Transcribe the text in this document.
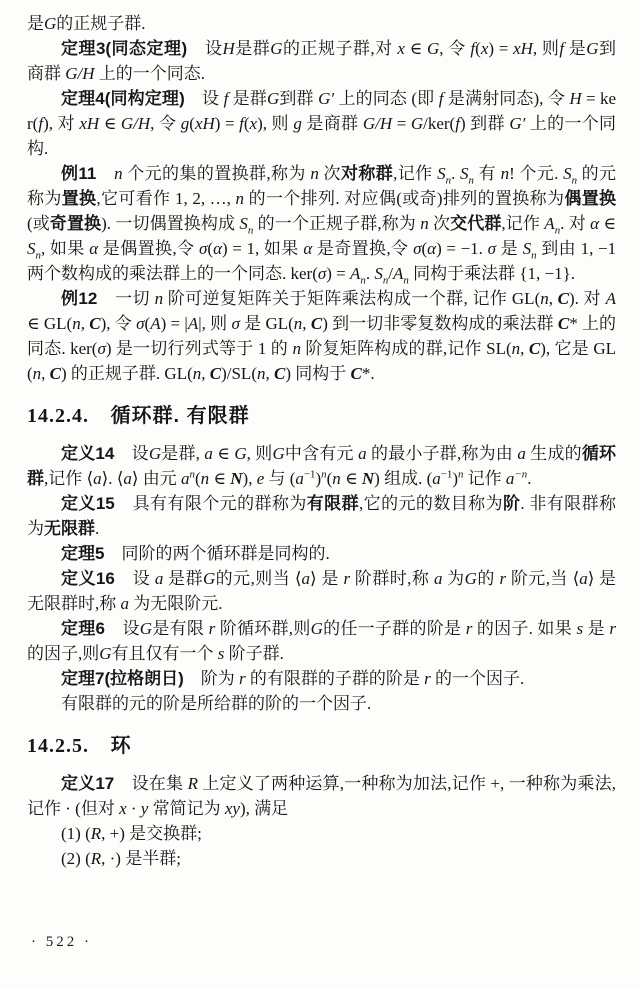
是G的正规子群.

定理3(同态定理)　设H是群G的正规子群,对 x ∈ G, 令 f(x) = xH, 则f 是G到商群 G/H 上的一个同态.

定理4(同构定理)　设 f 是群G到群 G′ 上的同态 (即 f 是满射同态), 令 H = ker(f), 对 xH ∈ G/H, 令 g(xH) = f(x), 则 g 是商群 G/H = G/ker(f) 到群 G′ 上的一个同构.

例11　 n 个元的集的置换群,称为 n 次对称群,记作 $S_n$. $S_n$ 有 n! 个元. $S_n$ 的元称为置换,它可看作 1, 2, …, n 的一个排列. 对应偶(或奇)排列的置换称为偶置换(或奇置换). 一切偶置换构成 $S_n$ 的一个正规子群,称为 n 次交代群,记作 $A_n$. 对 α ∈ $S_n$, 如果 α 是偶置换,令 σ(α) = 1, 如果 α 是奇置换,令 σ(α) = −1. σ 是 $S_n$ 到由 1, −1 两个数构成的乘法群上的一个同态. $ker(\sigma) = A_n$. $S_n/A_n$ 同构于乘法群 {1, −1}.

例12　一切 n 阶可逆复矩阵关于矩阵乘法构成一个群, 记作 GL(n, C). 对 A ∈ GL(n, C), 令 σ(A) = |A|, 则 σ 是 GL(n, C) 到一切非零复数构成的乘法群 C* 上的同态. ker(σ) 是一切行列式等于 1 的 n 阶复矩阵构成的群,记作 SL(n, C), 它是 GL(n, C) 的正规子群. GL(n, C)/SL(n, C) 同构于 C*.

14.2.4. 循环群. 有限群

定义14　设G是群, a ∈ G, 则G中含有元 a 的最小子群,称为由 a 生成的循环群,记作 ⟨a⟩. ⟨a⟩ 由元 $a^n(n$ ∈ N), e 与 $(a^{-1})^n(n$ ∈ N) 组成. $(a^{-1})^n$ 记作 $a^{-n}$.

定义15　具有有限个元的群称为有限群,它的元的数目称为阶. 非有限群称为无限群.

定理5　同阶的两个循环群是同构的.

定义16　设 a 是群G的元,则当 ⟨a⟩ 是 r 阶群时,称 a 为G的 r 阶元,当 ⟨a⟩ 是无限群时,称 a 为无限阶元.

定理6　设G是有限 r 阶循环群,则G的任一子群的阶是 r 的因子. 如果 s 是 r 的因子,则G有且仅有一个 s 阶子群.

定理7(拉格朗日)　阶为 r 的有限群的子群的阶是 r 的一个因子.

有限群的元的阶是所给群的阶的一个因子.

14.2.5. 环

定义17　设在集 R 上定义了两种运算,一种称为加法,记作 +, 一种称为乘法,记作 · (但对 x · y 常简记为 xy), 满足

(1) (R, +) 是交换群;

(2) (R, ·) 是半群;

· 522 ·
